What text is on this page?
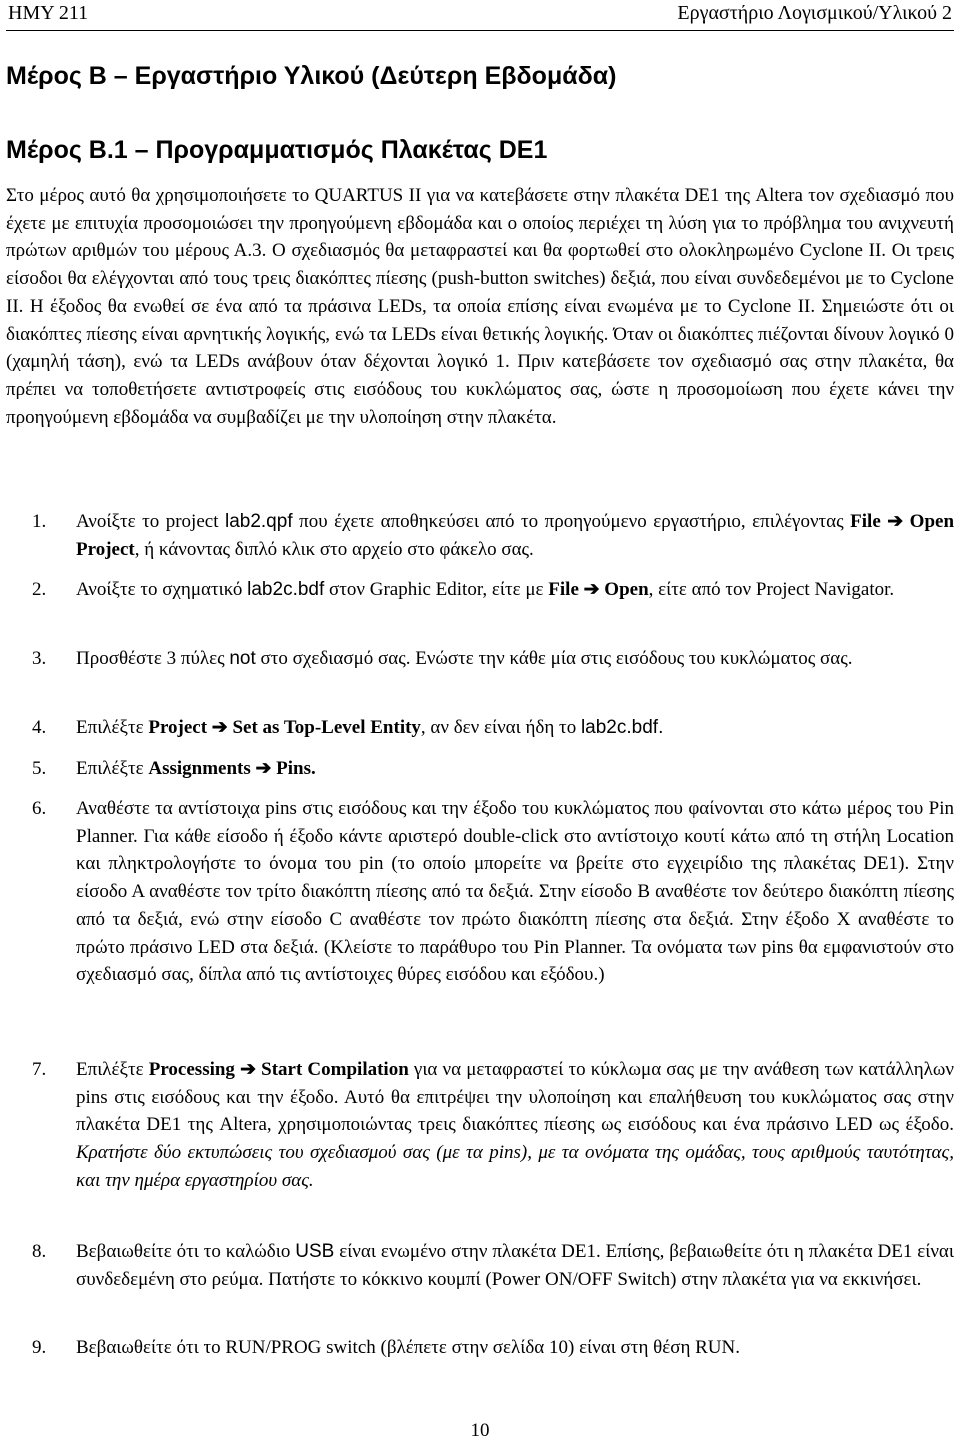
ΗΜΥ 211	Εργαστήριο Λογισμικού/Υλικού 2
Μέρος Β – Εργαστήριο Υλικού (Δεύτερη Εβδομάδα)
Μέρος Β.1 – Προγραμματισμός Πλακέτας DE1
Στο μέρος αυτό θα χρησιμοποιήσετε το QUARTUS II για να κατεβάσετε στην πλακέτα DE1 της Altera τον σχεδιασμό που έχετε με επιτυχία προσομοιώσει την προηγούμενη εβδομάδα και ο οποίος περιέχει τη λύση για το πρόβλημα του ανιχνευτή πρώτων αριθμών του μέρους Α.3. Ο σχεδιασμός θα μεταφραστεί και θα φορτωθεί στο ολοκληρωμένο Cyclone II. Οι τρεις είσοδοι θα ελέγχονται από τους τρεις διακόπτες πίεσης (push-button switches) δεξιά, που είναι συνδεδεμένοι με το Cyclone II. Η έξοδος θα ενωθεί σε ένα από τα πράσινα LEDs, τα οποία επίσης είναι ενωμένα με το Cyclone II. Σημειώστε ότι οι διακόπτες πίεσης είναι αρνητικής λογικής, ενώ τα LEDs είναι θετικής λογικής. Όταν οι διακόπτες πιέζονται δίνουν λογικό 0 (χαμηλή τάση), ενώ τα LEDs ανάβουν όταν δέχονται λογικό 1. Πριν κατεβάσετε τον σχεδιασμό σας στην πλακέτα, θα πρέπει να τοποθετήσετε αντιστροφείς στις εισόδους του κυκλώματος σας, ώστε η προσομοίωση που έχετε κάνει την προηγούμενη εβδομάδα να συμβαδίζει με την υλοποίηση στην πλακέτα.
1. Ανοίξτε το project lab2.qpf που έχετε αποθηκεύσει από το προηγούμενο εργαστήριο, επιλέγοντας File ➔ Open Project, ή κάνοντας διπλό κλικ στο αρχείο στο φάκελο σας.
2. Ανοίξτε το σχηματικό lab2c.bdf στον Graphic Editor, είτε με File ➔ Open, είτε από τον Project Navigator.
3. Προσθέστε 3 πύλες not στο σχεδιασμό σας. Ενώστε την κάθε μία στις εισόδους του κυκλώματος σας.
4. Επιλέξτε Project ➔ Set as Top-Level Entity, αν δεν είναι ήδη το lab2c.bdf.
5. Επιλέξτε Assignments ➔ Pins.
6. Αναθέστε τα αντίστοιχα pins στις εισόδους και την έξοδο του κυκλώματος που φαίνονται στο κάτω μέρος του Pin Planner. Για κάθε είσοδο ή έξοδο κάντε αριστερό double-click στο αντίστοιχο κουτί κάτω από τη στήλη Location και πληκτρολογήστε το όνομα του pin (το οποίο μπορείτε να βρείτε στο εγχειρίδιο της πλακέτας DE1). Στην είσοδο Α αναθέστε τον τρίτο διακόπτη πίεσης από τα δεξιά. Στην είσοδο Β αναθέστε τον δεύτερο διακόπτη πίεσης από τα δεξιά, ενώ στην είσοδο C αναθέστε τον πρώτο διακόπτη πίεσης στα δεξιά. Στην έξοδο Χ αναθέστε το πρώτο πράσινο LED στα δεξιά. (Κλείστε το παράθυρο του Pin Planner. Τα ονόματα των pins θα εμφανιστούν στο σχεδιασμό σας, δίπλα από τις αντίστοιχες θύρες εισόδου και εξόδου.)
7. Επιλέξτε Processing ➔ Start Compilation για να μεταφραστεί το κύκλωμα σας με την ανάθεση των κατάλληλων pins στις εισόδους και την έξοδο. Αυτό θα επιτρέψει την υλοποίηση και επαλήθευση του κυκλώματος σας στην πλακέτα DE1 της Altera, χρησιμοποιώντας τρεις διακόπτες πίεσης ως εισόδους και ένα πράσινο LED ως έξοδο. Κρατήστε δύο εκτυπώσεις του σχεδιασμού σας (με τα pins), με τα ονόματα της ομάδας, τους αριθμούς ταυτότητας, και την ημέρα εργαστηρίου σας.
8. Βεβαιωθείτε ότι το καλώδιο USB είναι ενωμένο στην πλακέτα DE1. Επίσης, βεβαιωθείτε ότι η πλακέτα DE1 είναι συνδεδεμένη στο ρεύμα. Πατήστε το κόκκινο κουμπί (Power ON/OFF Switch) στην πλακέτα για να εκκινήσει.
9. Βεβαιωθείτε ότι το RUN/PROG switch (βλέπετε στην σελίδα 10) είναι στη θέση RUN.
10
